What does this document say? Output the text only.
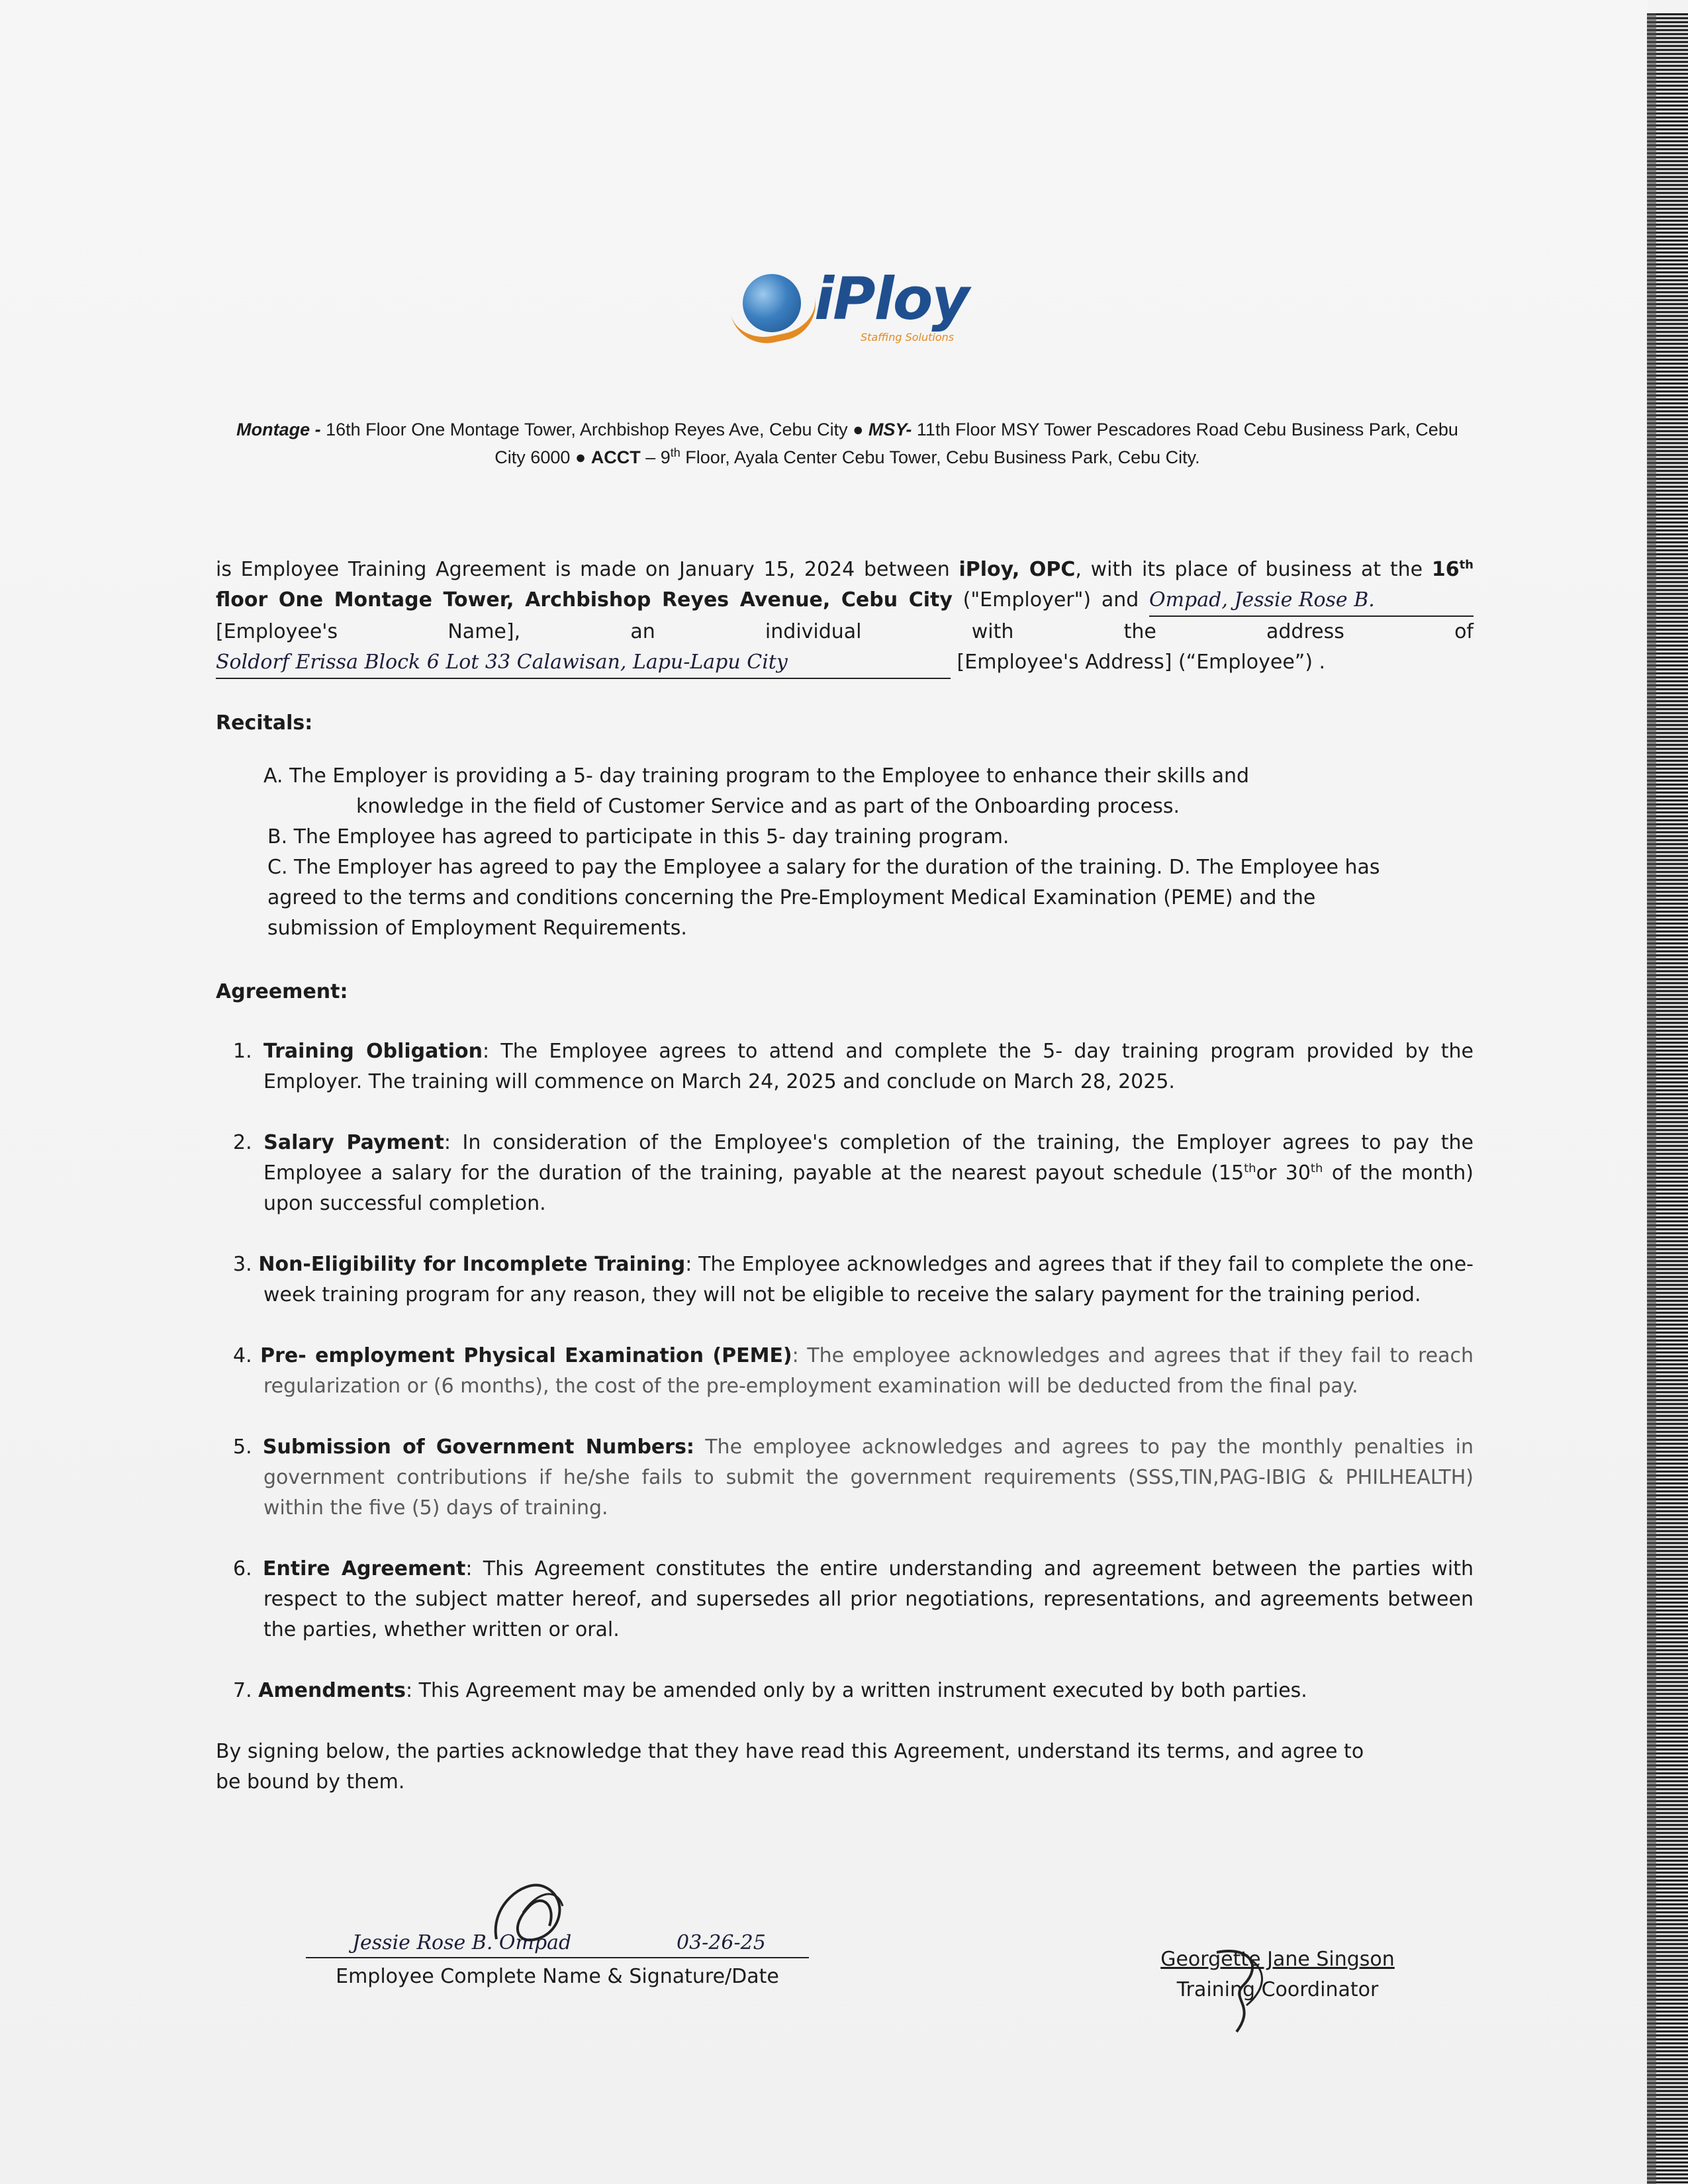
iPloy
Staffing Solutions
Montage - 16th Floor One Montage Tower, Archbishop Reyes Ave, Cebu City ● MSY- 11th Floor MSY Tower Pescadores Road Cebu Business Park, Cebu City 6000 ● ACCT – 9th Floor, Ayala Center Cebu Tower, Cebu Business Park, Cebu City.
is Employee Training Agreement is made on January 15, 2024 between iPloy, OPC, with its place of business at the 16th floor One Montage Tower, Archbishop Reyes Avenue, Cebu City ("Employer") and Ompad, Jessie Rose B. [Employee's Name], an individual with the address of Soldorf Erissa Block 6 Lot 33 Calawisan, Lapu-Lapu City	[Employee's Address] (“Employee”) .
Recitals:
A. The Employer is providing a 5- day training program to the Employee to enhance their skills and
knowledge in the field of Customer Service and as part of the Onboarding process.
B. The Employee has agreed to participate in this 5- day training program.
C. The Employer has agreed to pay the Employee a salary for the duration of the training. D. The Employee has agreed to the terms and conditions concerning the Pre-Employment Medical Examination (PEME) and the submission of Employment Requirements.
Agreement:
1. Training Obligation: The Employee agrees to attend and complete the 5- day training program provided by the Employer. The training will commence on March 24, 2025 and conclude on March 28, 2025.
2. Salary Payment: In consideration of the Employee's completion of the training, the Employer agrees to pay the Employee a salary for the duration of the training, payable at the nearest payout schedule (15thor 30th of the month) upon successful completion.
3. Non-Eligibility for Incomplete Training: The Employee acknowledges and agrees that if they fail to complete the one-week training program for any reason, they will not be eligible to receive the salary payment for the training period.
4. Pre- employment Physical Examination (PEME): The employee acknowledges and agrees that if they fail to reach regularization or (6 months), the cost of the pre-employment examination will be deducted from the final pay.
5. Submission of Government Numbers: The employee acknowledges and agrees to pay the monthly penalties in government contributions if he/she fails to submit the government requirements (SSS,TIN,PAG-IBIG & PHILHEALTH) within the five (5) days of training.
6. Entire Agreement: This Agreement constitutes the entire understanding and agreement between the parties with respect to the subject matter hereof, and supersedes all prior negotiations, representations, and agreements between the parties, whether written or oral.
7. Amendments: This Agreement may be amended only by a written instrument executed by both parties.
By signing below, the parties acknowledge that they have read this Agreement, understand its terms, and agree to be bound by them.
Jessie Rose B. Ompad	03-26-25
Employee Complete Name & Signature/Date
Georgette Jane Singson
Training Coordinator
